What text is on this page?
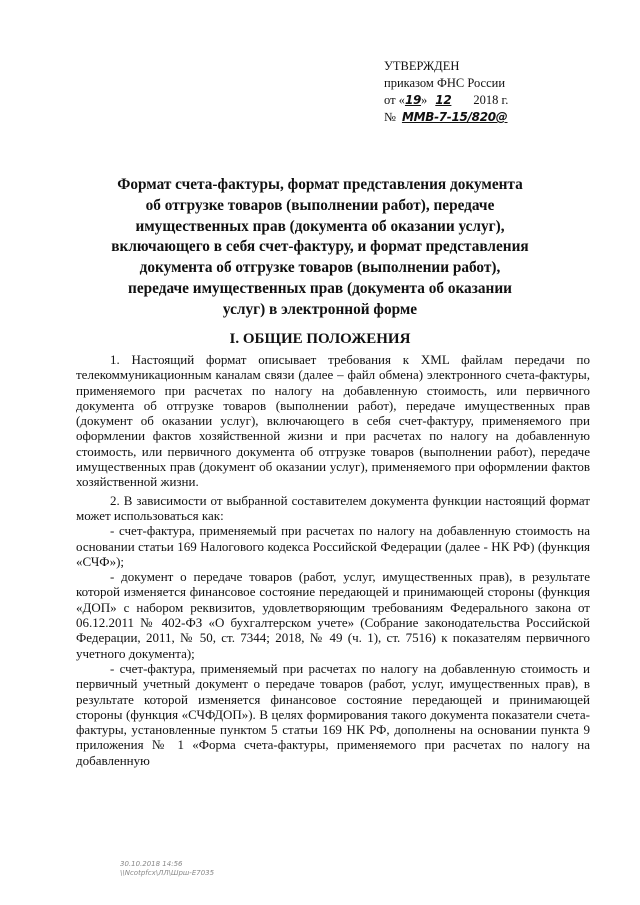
УТВЕРЖДЕН
приказом ФНС России
от «19» 12 2018 г.
№ ММВ-7-15/820@
Формат счета-фактуры, формат представления документа
об отгрузке товаров (выполнении работ), передаче
имущественных прав (документа об оказании услуг),
включающего в себя счет-фактуру, и формат представления
документа об отгрузке товаров (выполнении работ),
передаче имущественных прав (документа об оказании
услуг) в электронной форме
I. ОБЩИЕ ПОЛОЖЕНИЯ

1. Настоящий формат описывает требования к XML файлам передачи по телекоммуникационным каналам связи (далее – файл обмена) электронного счета-фактуры, применяемого при расчетах по налогу на добавленную стоимость, или первичного документа об отгрузке товаров (выполнении работ), передаче имущественных прав (документ об оказании услуг), включающего в себя счет-фактуру, применяемого при оформлении фактов хозяйственной жизни и при расчетах по налогу на добавленную стоимость, или первичного документа об отгрузке товаров (выполнении работ), передаче имущественных прав (документ об оказании услуг), применяемого при оформлении фактов хозяйственной жизни.

2. В зависимости от выбранной составителем документа функции настоящий формат может использоваться как:

- счет-фактура, применяемый при расчетах по налогу на добавленную стоимость на основании статьи 169 Налогового кодекса Российской Федерации (далее - НК РФ) (функция «СЧФ»);

- документ о передаче товаров (работ, услуг, имущественных прав), в результате которой изменяется финансовое состояние передающей и принимающей стороны (функция «ДОП» с набором реквизитов, удовлетворяющим требованиям Федерального закона от 06.12.2011 № 402-ФЗ «О бухгалтерском учете» (Собрание законодательства Российской Федерации, 2011, № 50, ст. 7344; 2018, № 49 (ч. 1), ст. 7516) к показателям первичного учетного документа);

- счет-фактура, применяемый при расчетах по налогу на добавленную стоимость и первичный учетный документ о передаче товаров (работ, услуг, имущественных прав), в результате которой изменяется финансовое состояние передающей и принимающей стороны (функция «СЧФДОП»). В целях формирования такого документа показатели счета-фактуры, установленные пунктом 5 статьи 169 НК РФ, дополнены на основании пункта 9 приложения № 1 «Форма счета-фактуры, применяемого при расчетах по налогу на добавленную

30.10.2018 14:56
\\Ncotpfcx\ЛЛ\Шрш-Е7035
